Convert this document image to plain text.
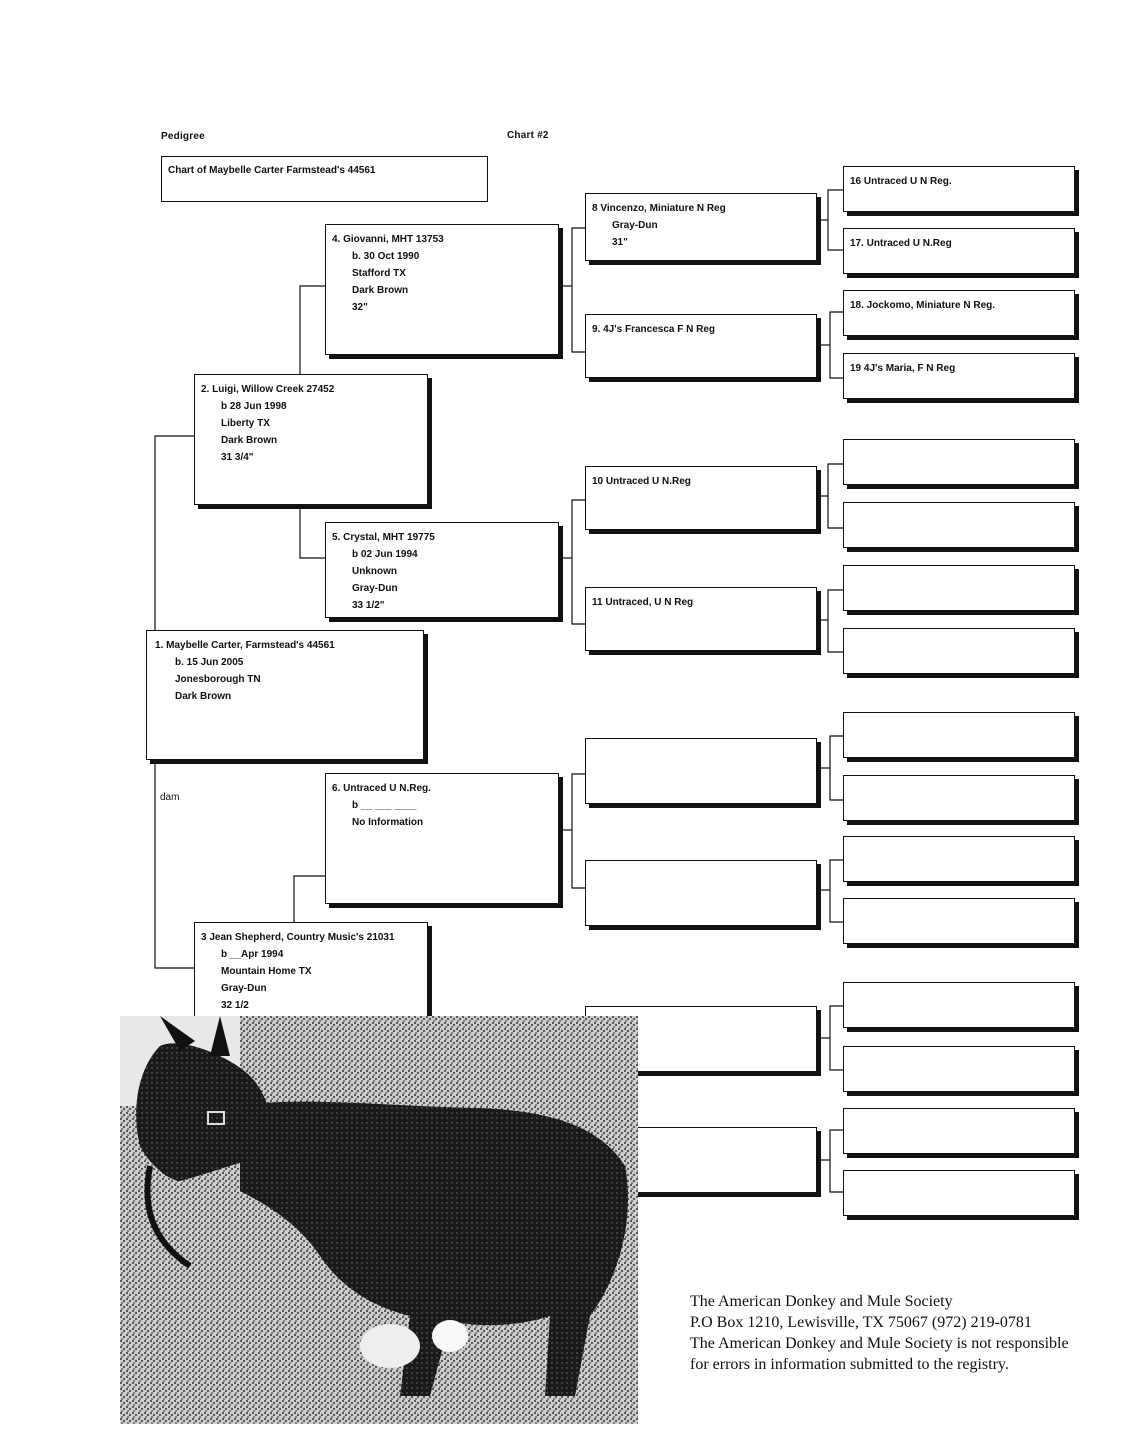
Pedigree	Chart #2
Chart of Maybelle Carter Farmstead's 44561
1. Maybelle Carter, Farmstead's 44561
b. 15 Jun 2005
Jonesborough TN
Dark Brown
dam
2. Luigi, Willow Creek 27452
b 28 Jun 1998
Liberty TX
Dark Brown
31 3/4"
3 Jean Shepherd, Country Music's 21031
b __Apr 1994
Mountain Home TX
Gray-Dun
32 1/2
4. Giovanni, MHT 13753
b. 30 Oct 1990
Stafford TX
Dark Brown
32"
5. Crystal, MHT 19775
b 02 Jun 1994
Unknown
Gray-Dun
33 1/2"
6. Untraced U N.Reg.
b __ ___ ____
No Information
8 Vincenzo, Miniature N Reg
Gray-Dun
31"
9. 4J's Francesca F N Reg
10 Untraced U N.Reg
11 Untraced, U N Reg
16 Untraced U N Reg.
17. Untraced U N.Reg
18. Jockomo, Miniature N Reg.
19 4J's Maria, F N Reg
The American Donkey and Mule Society
P.O Box 1210, Lewisville, TX 75067 (972) 219-0781
The American Donkey and Mule Society is not responsible
for errors in information submitted to the registry.
